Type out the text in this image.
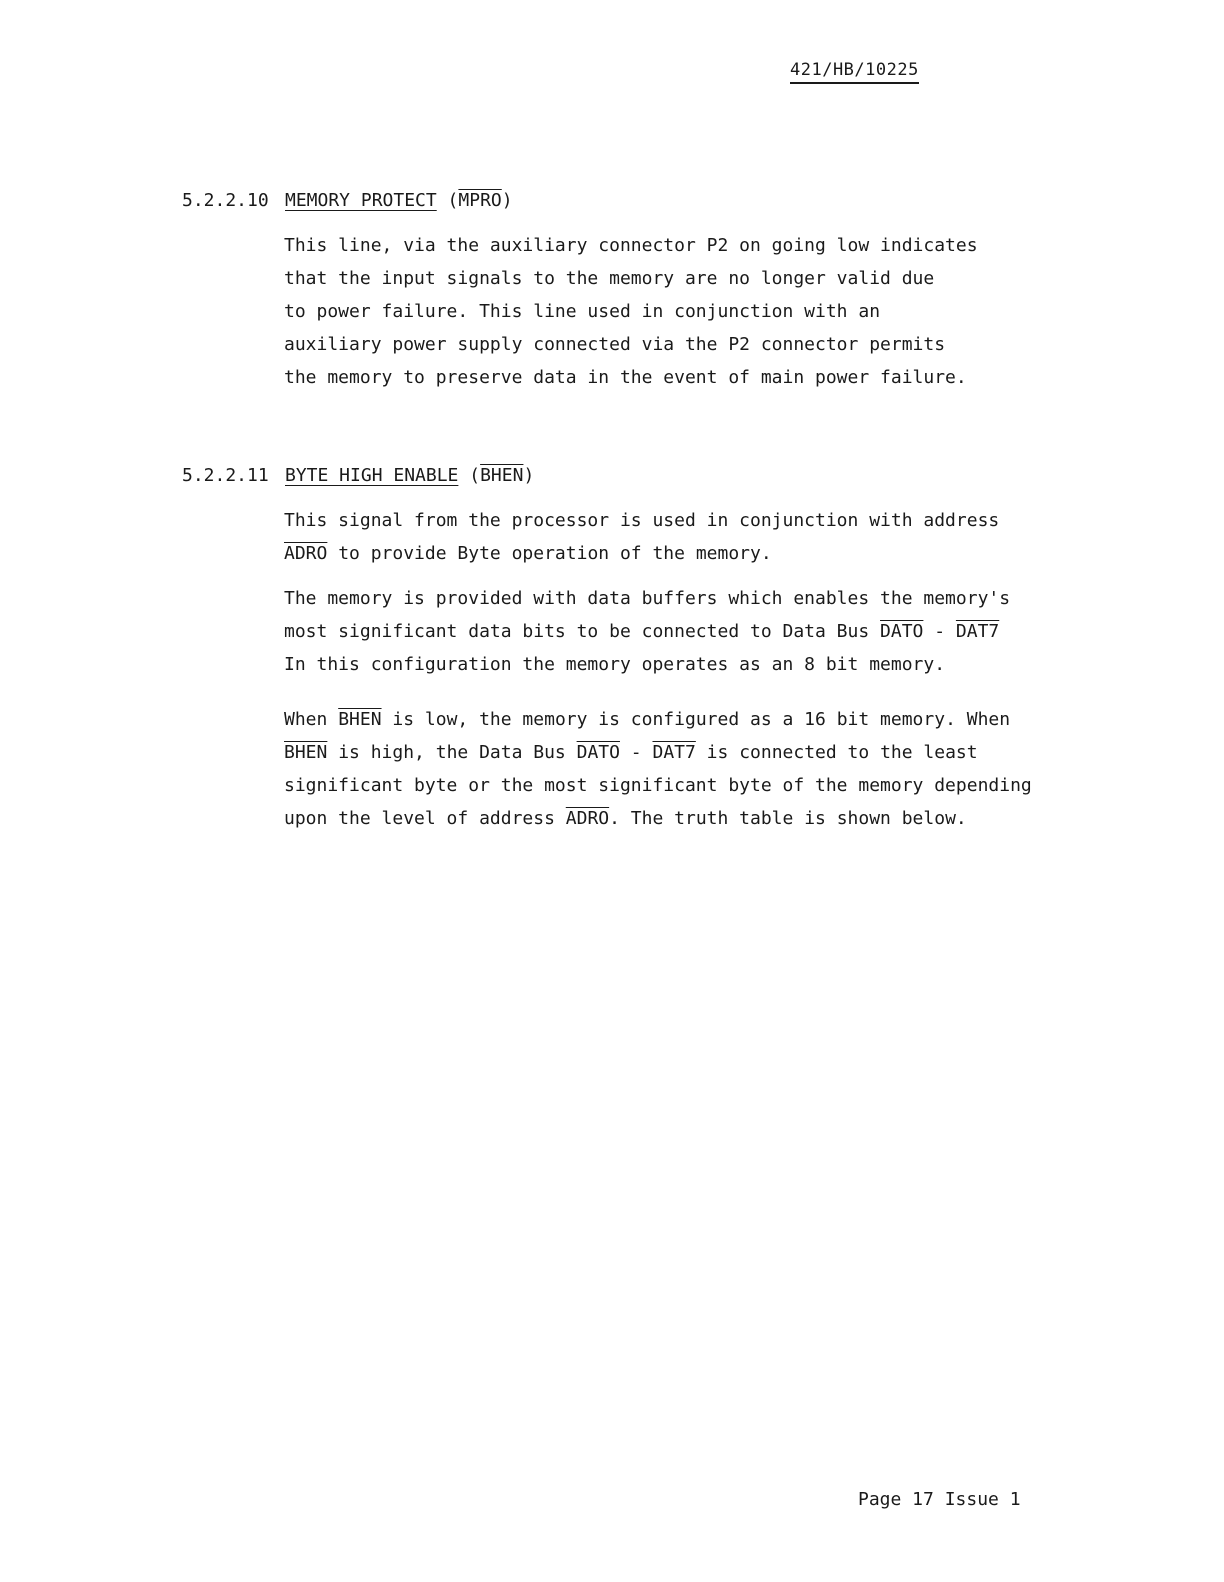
421/HB/10225
5.2.2.10 MEMORY PROTECT (MPRO)
This line, via the auxiliary connector P2 on going low indicates
that the input signals to the memory are no longer valid due
to power failure. This line used in conjunction with an
auxiliary power supply connected via the P2 connector permits
the memory to preserve data in the event of main power failure.
5.2.2.11 BYTE HIGH ENABLE (BHEN)
This signal from the processor is used in conjunction with address
ADRO to provide Byte operation of the memory.
The memory is provided with data buffers which enables the memory's
most significant data bits to be connected to Data Bus DATO - DAT7
In this configuration the memory operates as an 8 bit memory.
When BHEN is low, the memory is configured as a 16 bit memory. When
BHEN is high, the Data Bus DATO - DAT7 is connected to the least
significant byte or the most significant byte of the memory depending
upon the level of address ADRO. The truth table is shown below.
Page 17 Issue 1
